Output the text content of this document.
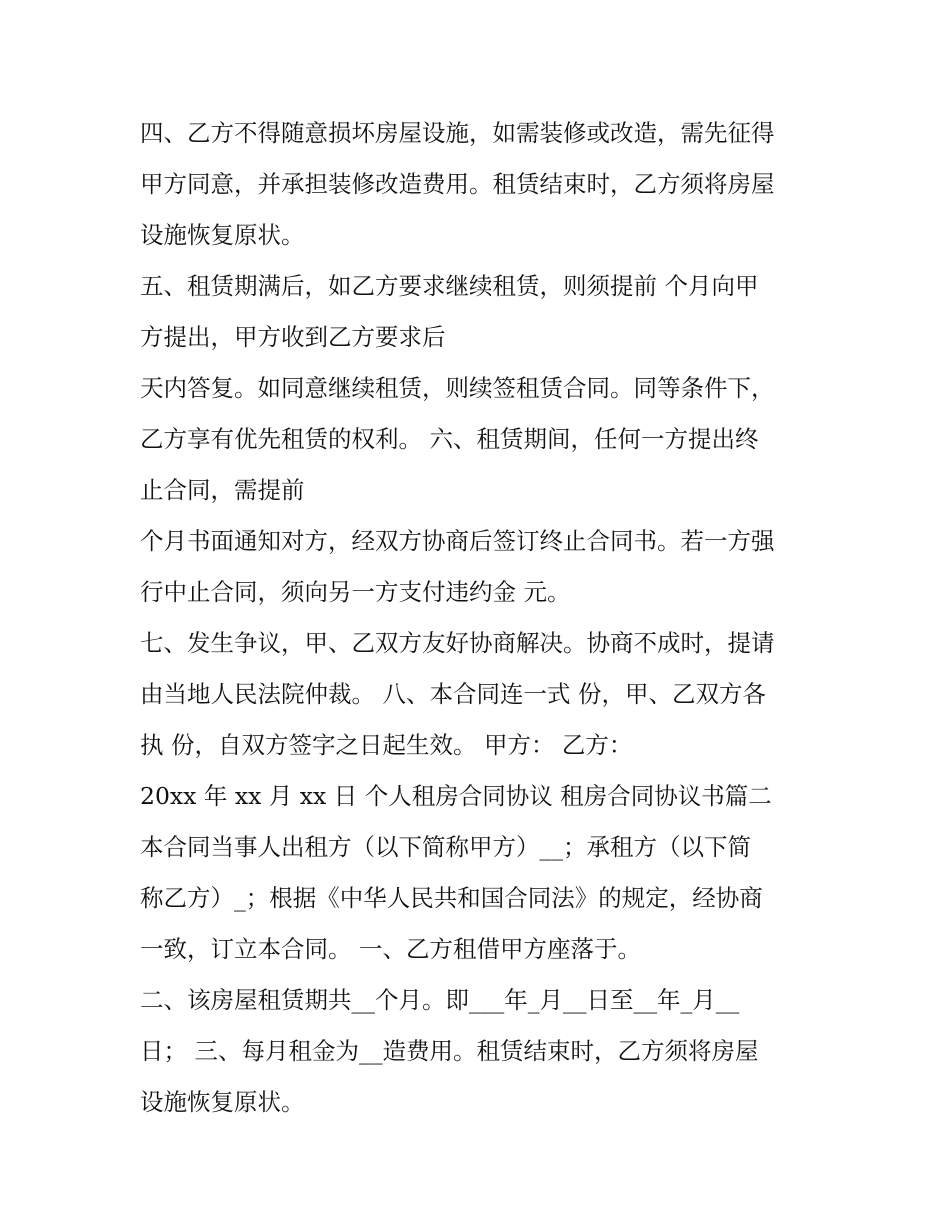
四、乙方不得随意损坏房屋设施，如需装修或改造，需先征得
甲方同意，并承担装修改造费用。租赁结束时，乙方须将房屋
设施恢复原状。
五、租赁期满后，如乙方要求继续租赁，则须提前 个月向甲
方提出，甲方收到乙方要求后
天内答复。如同意继续租赁，则续签租赁合同。同等条件下，
乙方享有优先租赁的权利。 六、租赁期间，任何一方提出终
止合同，需提前
个月书面通知对方，经双方协商后签订终止合同书。若一方强
行中止合同，须向另一方支付违约金 元。
七、发生争议，甲、乙双方友好协商解决。协商不成时，提请
由当地人民法院仲裁。 八、本合同连一式 份，甲、乙双方各
执 份，自双方签字之日起生效。 甲方： 乙方：
20xx 年 xx 月 xx 日 个人租房合同协议 租房合同协议书篇二
本合同当事人出租方（以下简称甲方）__；承租方（以下简
称乙方）_；根据《中华人民共和国合同法》的规定，经协商
一致，订立本合同。 一、乙方租借甲方座落于。
二、该房屋租赁期共__个月。即___年_月__日至__年_月__
日； 三、每月租金为__造费用。租赁结束时，乙方须将房屋
设施恢复原状。
